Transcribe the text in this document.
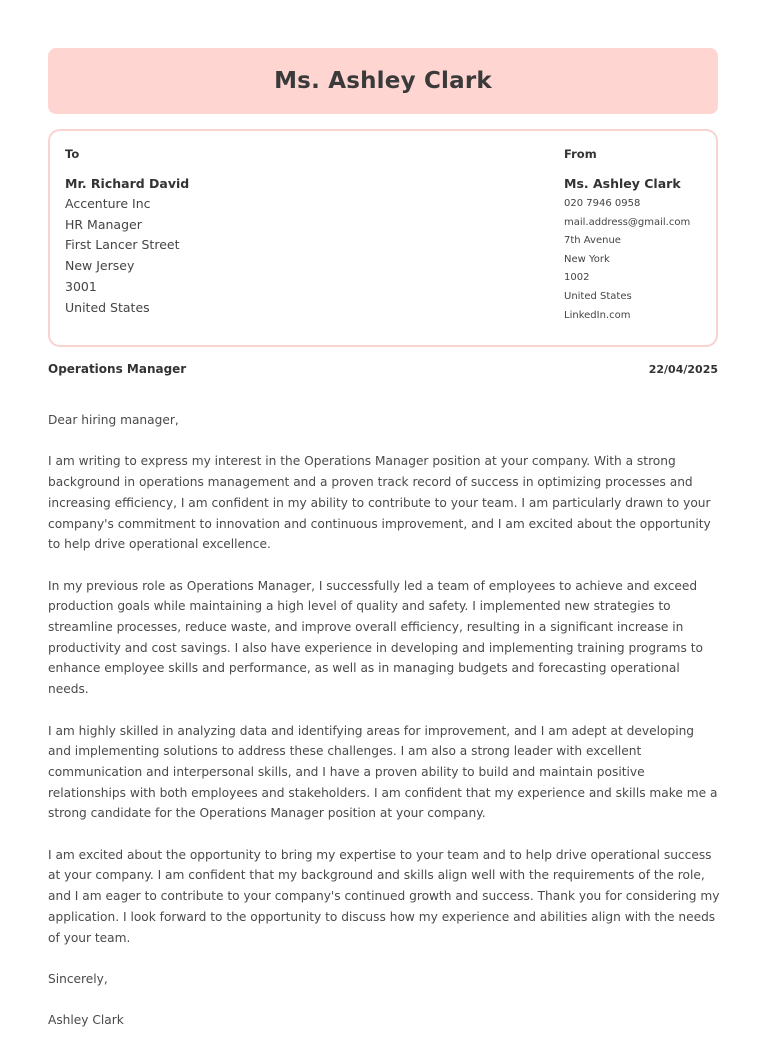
Ms. Ashley Clark
To
Mr. Richard David
Accenture Inc
HR Manager
First Lancer Street
New Jersey
3001
United States
From
Ms. Ashley Clark
020 7946 0958
mail.address@gmail.com
7th Avenue
New York
1002
United States
LinkedIn.com
Operations Manager	22/04/2025

Dear hiring manager,

I am writing to express my interest in the Operations Manager position at your company. With a strong background in operations management and a proven track record of success in optimizing processes and increasing efficiency, I am confident in my ability to contribute to your team. I am particularly drawn to your company's commitment to innovation and continuous improvement, and I am excited about the opportunity to help drive operational excellence.

In my previous role as Operations Manager, I successfully led a team of employees to achieve and exceed production goals while maintaining a high level of quality and safety. I implemented new strategies to streamline processes, reduce waste, and improve overall efficiency, resulting in a significant increase in productivity and cost savings. I also have experience in developing and implementing training programs to enhance employee skills and performance, as well as in managing budgets and forecasting operational needs.

I am highly skilled in analyzing data and identifying areas for improvement, and I am adept at developing and implementing solutions to address these challenges. I am also a strong leader with excellent communication and interpersonal skills, and I have a proven ability to build and maintain positive relationships with both employees and stakeholders. I am confident that my experience and skills make me a strong candidate for the Operations Manager position at your company.

I am excited about the opportunity to bring my expertise to your team and to help drive operational success at your company. I am confident that my background and skills align well with the requirements of the role, and I am eager to contribute to your company's continued growth and success. Thank you for considering my application. I look forward to the opportunity to discuss how my experience and abilities align with the needs of your team.

Sincerely,

Ashley Clark
